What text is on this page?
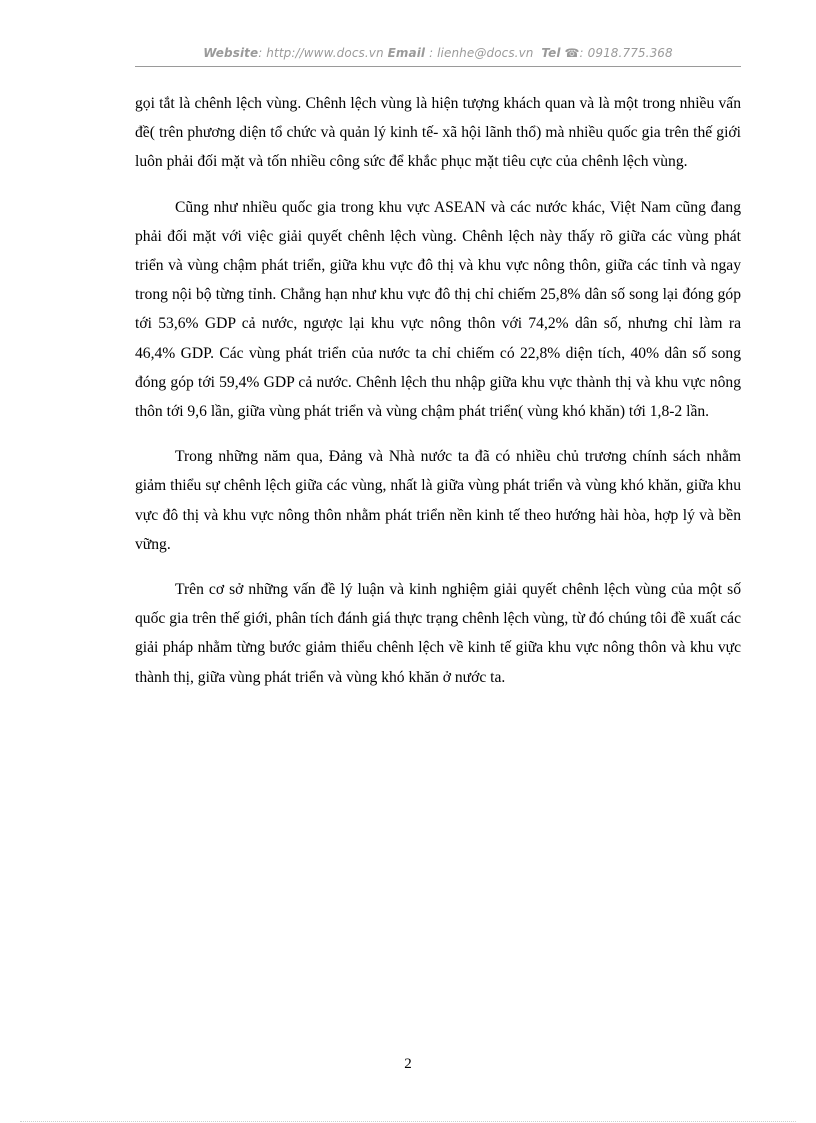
Website: http://www.docs.vn Email : lienhe@docs.vn Tel ☎: 0918.775.368

gọi tắt là chênh lệch vùng. Chênh lệch vùng là hiện tượng khách quan và là một trong nhiều vấn đề( trên phương diện tổ chức và quản lý kinh tế- xã hội lãnh thổ) mà nhiều quốc gia trên thế giới luôn phải đối mặt và tốn nhiều công sức để khắc phục mặt tiêu cực của chênh lệch vùng.

Cũng như nhiều quốc gia trong khu vực ASEAN và các nước khác, Việt Nam cũng đang phải đối mặt với việc giải quyết chênh lệch vùng. Chênh lệch này thấy rõ giữa các vùng phát triển và vùng chậm phát triển, giữa khu vực đô thị và khu vực nông thôn, giữa các tỉnh và ngay trong nội bộ từng tỉnh. Chẳng hạn như khu vực đô thị chỉ chiếm 25,8% dân số song lại đóng góp tới 53,6% GDP cả nước, ngược lại khu vực nông thôn với 74,2% dân số, nhưng chỉ làm ra 46,4% GDP. Các vùng phát triển của nước ta chỉ chiếm có 22,8% diện tích, 40% dân số song đóng góp tới 59,4% GDP cả nước. Chênh lệch thu nhập giữa khu vực thành thị và khu vực nông thôn tới 9,6 lần, giữa vùng phát triển và vùng chậm phát triển( vùng khó khăn) tới 1,8-2 lần.

Trong những năm qua, Đảng và Nhà nước ta đã có nhiều chủ trương chính sách nhằm giảm thiểu sự chênh lệch giữa các vùng, nhất là giữa vùng phát triển và vùng khó khăn, giữa khu vực đô thị và khu vực nông thôn nhằm phát triển nền kinh tế theo hướng hài hòa, hợp lý và bền vững.

Trên cơ sở những vấn đề lý luận và kinh nghiệm giải quyết chênh lệch vùng của một số quốc gia trên thế giới, phân tích đánh giá thực trạng chênh lệch vùng, từ đó chúng tôi đề xuất các giải pháp nhằm từng bước giảm thiểu chênh lệch về kinh tế giữa khu vực nông thôn và khu vực thành thị, giữa vùng phát triển và vùng khó khăn ở nước ta.

2
